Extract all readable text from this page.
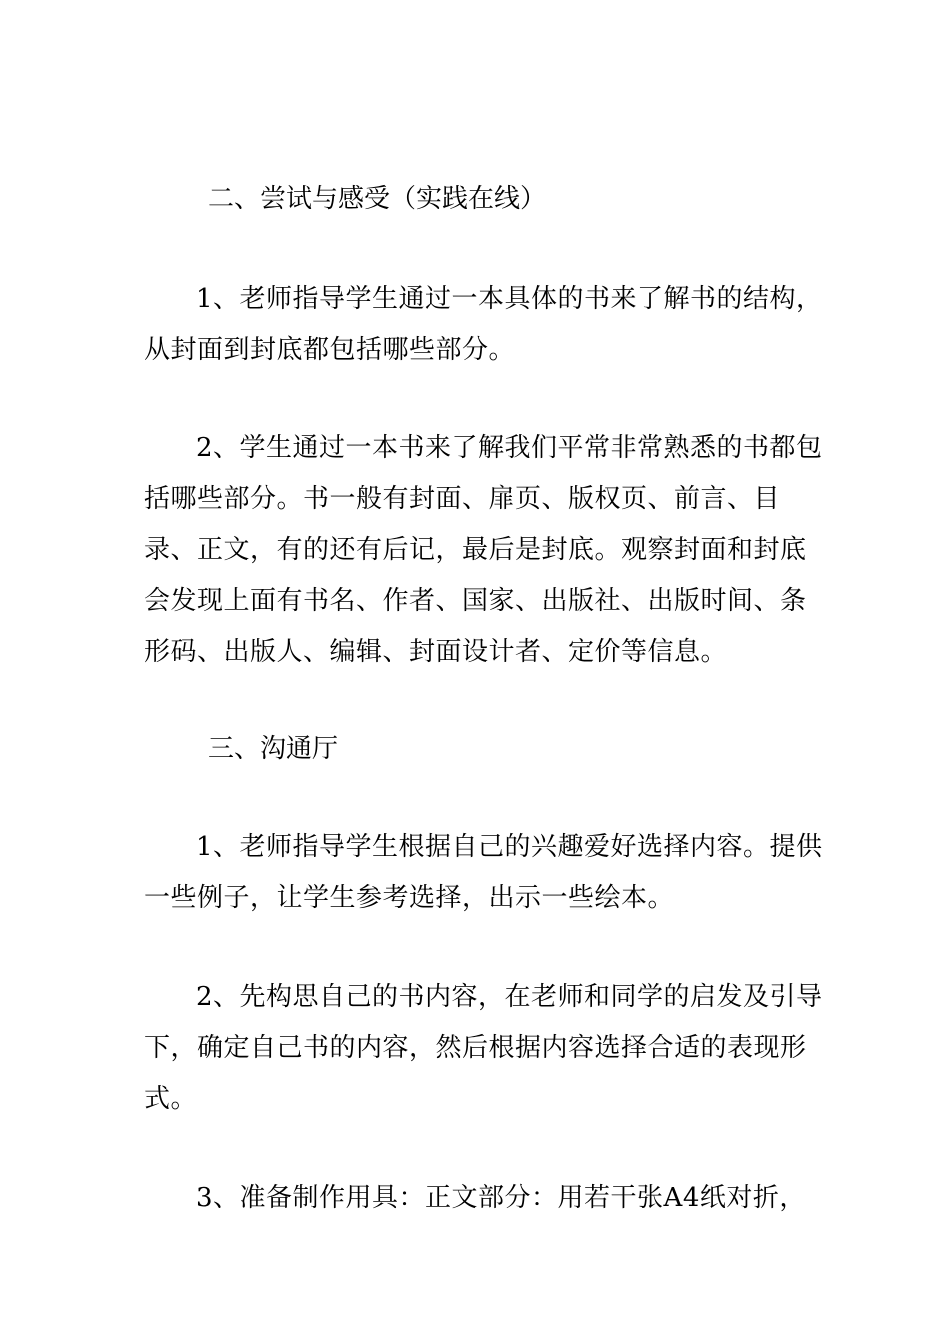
二、尝试与感受（实践在线）

1、老师指导学生通过一本具体的书来了解书的结构，从封面到封底都包括哪些部分。

2、学生通过一本书来了解我们平常非常熟悉的书都包括哪些部分。书一般有封面、扉页、版权页、前言、目录、正文，有的还有后记，最后是封底。观察封面和封底会发现上面有书名、作者、国家、出版社、出版时间、条形码、出版人、编辑、封面设计者、定价等信息。

三、沟通厅

1、老师指导学生根据自己的兴趣爱好选择内容。提供一些例子，让学生参考选择，出示一些绘本。

2、先构思自己的书内容，在老师和同学的启发及引导下，确定自己书的内容，然后根据内容选择合适的表现形式。

3、准备制作用具：正文部分：用若干张A4纸对折，
